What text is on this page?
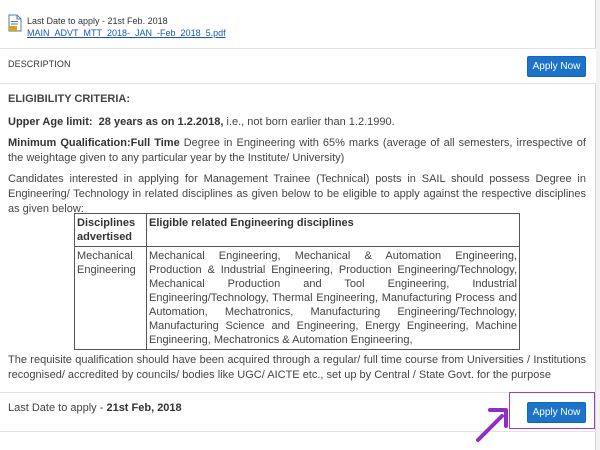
Last Date to apply - 21st Feb. 2018
MAIN_ADVT_MTT_2018-_JAN_-Feb_2018_5.pdf
DESCRIPTION	Apply Now
ELIGIBILITY CRITERIA:
Upper Age limit: 28 years as on 1.2.2018, i.e., not born earlier than 1.2.1990.
Minimum Qualification:Full Time Degree in Engineering with 65% marks (average of all semesters, irrespective of the weightage given to any particular year by the Institute/ University)
Candidates interested in applying for Management Trainee (Technical) posts in SAIL should possess Degree in Engineering/ Technology in related disciplines as given below to be eligible to apply against the respective disciplines as given below:
Disciplines advertised	Eligible related Engineering disciplines
Mechanical Engineering	Mechanical Engineering, Mechanical & Automation Engineering, Production & Industrial Engineering, Production Engineering/Technology, Mechanical Production and Tool Engineering, Industrial Engineering/Technology, Thermal Engineering, Manufacturing Process and Automation, Mechatronics, Manufacturing Engineering/Technology, Manufacturing Science and Engineering, Energy Engineering, Machine Engineering, Mechatronics & Automation Engineering,
The requisite qualification should have been acquired through a regular/ full time course from Universities / Institutions recognised/ accredited by councils/ bodies like UGC/ AICTE etc., set up by Central / State Govt. for the purpose
Last Date to apply - 21st Feb, 2018	Apply Now
